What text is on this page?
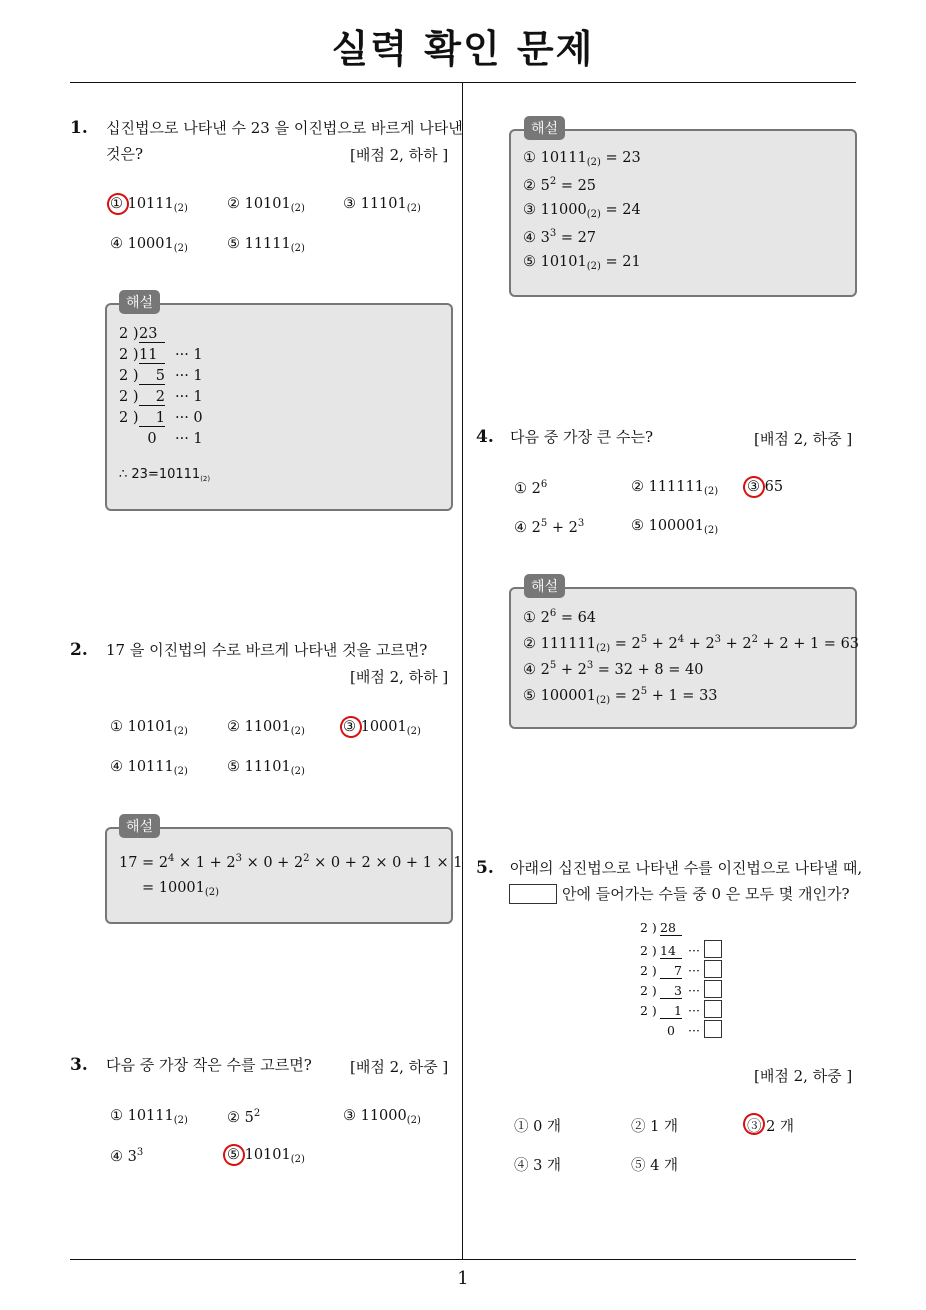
실력 확인 문제
1
1. 십진법으로 나타낸 수 23 을 이진법으로 바르게 나타낸
것은?	[배점 2, 하하 ]
① $10111_{(2)}$	② $10101_{(2)}$	③ $11101_{(2)}$
④ $10001_{(2)}$	⑤ $11111_{(2)}$
해설
2 )23
2 )11 ··· 1
2 ) 5 ··· 1
2 ) 2 ··· 1
2 ) 1 ··· 0
0 ··· 1
∴ $23=10111_{(2)}$
2. 17 을 이진법의 수로 바르게 나타낸 것을 고르면?
[배점 2, 하하 ]
① $10101_{(2)}$	② $11001_{(2)}$	③ $10001_{(2)}$
④ $10111_{(2)}$	⑤ $11101_{(2)}$
해설
$17 = 2^4 \times 1 + 2^3 \times 0 + 2^2 \times 0 + 2 \times 0 + 1 \times 1$
= $10001_{(2)}$
3. 다음 중 가장 작은 수를 고르면?	[배점 2, 하중 ]
① $10111_{(2)}$	② $5^2$	③ $11000_{(2)}$
④ $3^3$	⑤ $10101_{(2)}$
해설
① $10111_{(2)} = 23$
② $5^2 = 25$
③ $11000_{(2)} = 24$
④ $3^3 = 27$
⑤ $10101_{(2)} = 21$
4. 다음 중 가장 큰 수는?	[배점 2, 하중 ]
① $2^6$	② $111111_{(2)}$ ③ 65
④ $2^5 + 2^3$	⑤ $100001_{(2)}$
해설
① $2^6 = 64$
② $111111_{(2)} = 2^5 + 2^4 + 2^3 + 2^2 + 2 + 1 = 63$
④ $2^5 + 2^3 = 32 + 8 = 40$
⑤ $100001_{(2)} = 2^5 + 1 = 33$
5. 아래의 십진법으로 나타낸 수를 이진법으로 나타낼 때,
안에 들어가는 수들 중 0 은 모두 몇 개인가?
2 ) 28
2 ) 14 ···
2 ) 7 ···
2 ) 3 ···
2 ) 1 ···
0 ···
[배점 2, 하중 ]
① 0 개	② 1 개	③ 2 개
④ 3 개	⑤ 4 개
